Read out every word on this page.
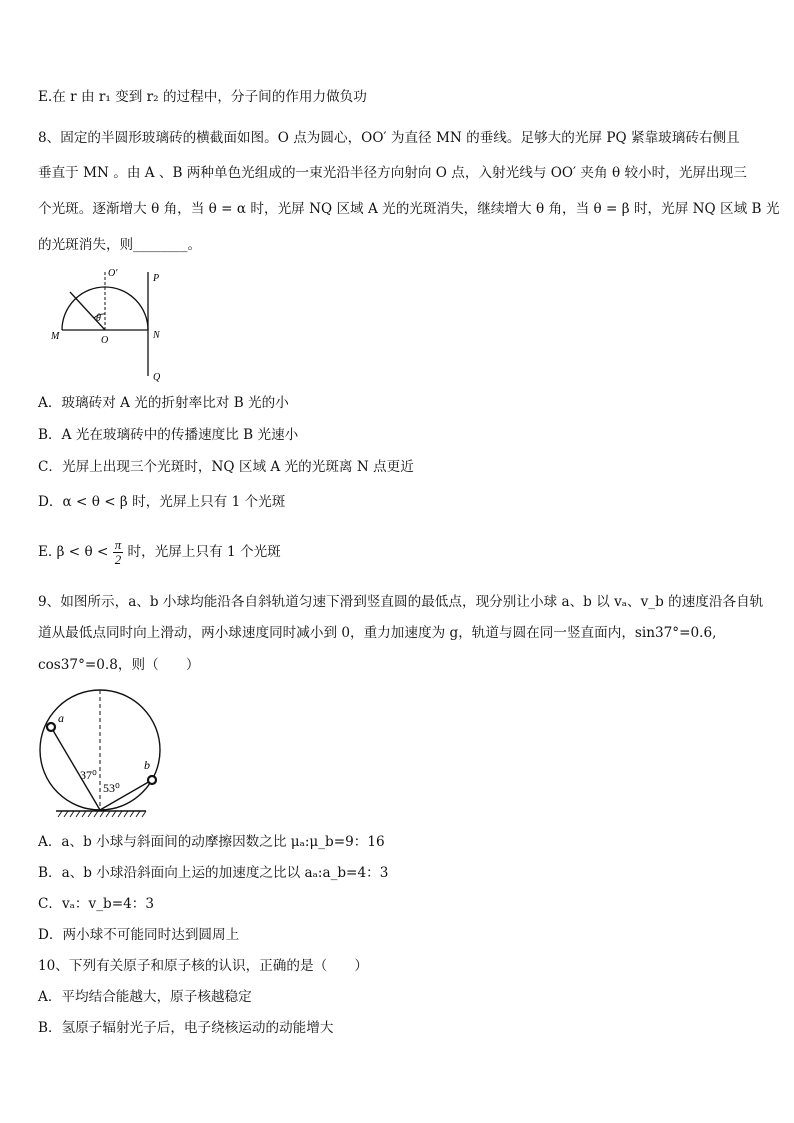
E.在 r 由 r₁ 变到 r₂ 的过程中，分子间的作用力做负功
8、固定的半圆形玻璃砖的横截面如图。O 点为圆心，OO′ 为直径 MN 的垂线。足够大的光屏 PQ 紧靠玻璃砖右侧且
垂直于 MN 。由 A 、B 两种单色光组成的一束光沿半径方向射向 O 点，入射光线与 OO′ 夹角 θ 较小时，光屏出现三
个光斑。逐渐增大 θ 角，当 θ = α 时，光屏 NQ 区域 A 光的光斑消失，继续增大 θ 角，当 θ = β 时，光屏 NQ 区域 B 光
的光斑消失，则________。
O′	P
θ
M	O	N
Q
A．玻璃砖对 A 光的折射率比对 B 光的小
B．A 光在玻璃砖中的传播速度比 B 光速小
C．光屏上出现三个光斑时，NQ 区域 A 光的光斑离 N 点更近
D．α < θ < β 时，光屏上只有 1 个光斑
E. $\beta < \theta < \frac{\pi}{2}$ 时，光屏上只有 1 个光斑
9、如图所示，a、b 小球均能沿各自斜轨道匀速下滑到竖直圆的最低点，现分别让小球 a、b 以 vₐ、v_b 的速度沿各自轨
道从最低点同时向上滑动，两小球速度同时减小到 0，重力加速度为 g，轨道与圆在同一竖直面内，sin37°=0.6,
cos37°=0.8，则（　　）
a
b
37⁰
53⁰
A．a、b 小球与斜面间的动摩擦因数之比 μₐ:μ_b=9：16
B．a、b 小球沿斜面向上运的加速度之比以 aₐ:a_b=4：3
C．vₐ：v_b=4：3
D．两小球不可能同时达到圆周上
10、下列有关原子和原子核的认识，正确的是（　　）
A．平均结合能越大，原子核越稳定
B．氢原子辐射光子后，电子绕核运动的动能增大
